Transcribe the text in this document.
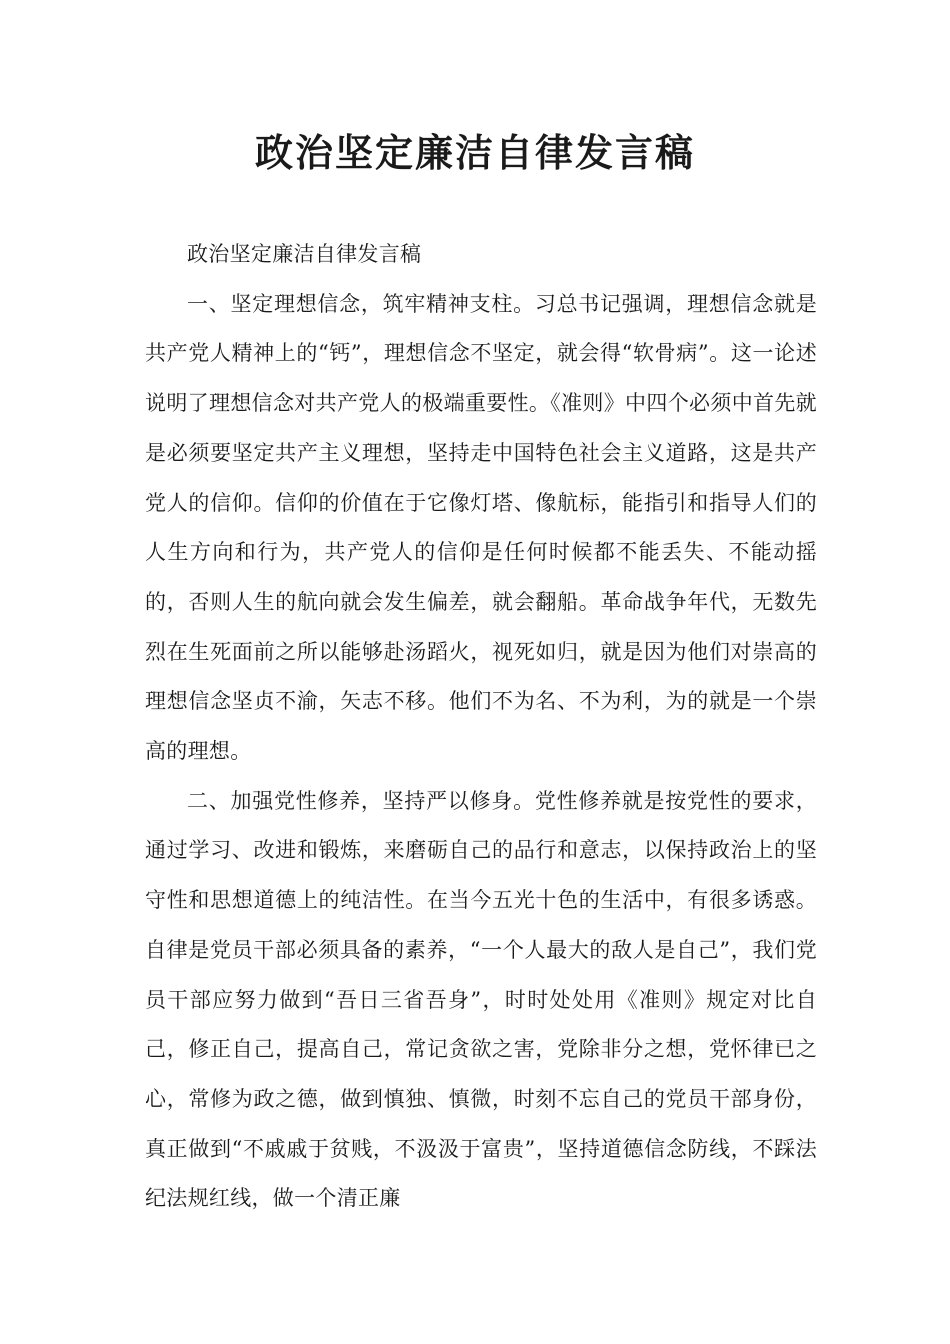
政治坚定廉洁自律发言稿

政治坚定廉洁自律发言稿

一、坚定理想信念，筑牢精神支柱。习总书记强调，理想信念就是共产党人精神上的“钙”，理想信念不坚定，就会得“软骨病”。这一论述说明了理想信念对共产党人的极端重要性。《准则》中四个必须中首先就是必须要坚定共产主义理想，坚持走中国特色社会主义道路，这是共产党人的信仰。信仰的价值在于它像灯塔、像航标，能指引和指导人们的人生方向和行为，共产党人的信仰是任何时候都不能丢失、不能动摇的，否则人生的航向就会发生偏差，就会翻船。革命战争年代，无数先烈在生死面前之所以能够赴汤蹈火，视死如归，就是因为他们对崇高的理想信念坚贞不渝，矢志不移。他们不为名、不为利，为的就是一个崇高的理想。

二、加强党性修养，坚持严以修身。党性修养就是按党性的要求，通过学习、改进和锻炼，来磨砺自己的品行和意志，以保持政治上的坚守性和思想道德上的纯洁性。在当今五光十色的生活中，有很多诱惑。自律是党员干部必须具备的素养，“一个人最大的敌人是自己”，我们党员干部应努力做到“吾日三省吾身”，时时处处用《准则》规定对比自己，修正自己，提高自己，常记贪欲之害，党除非分之想，党怀律已之心，常修为政之德，做到慎独、慎微，时刻不忘自己的党员干部身份，真正做到“不戚戚于贫贱，不汲汲于富贵”，坚持道德信念防线，不踩法纪法规红线，做一个清正廉
